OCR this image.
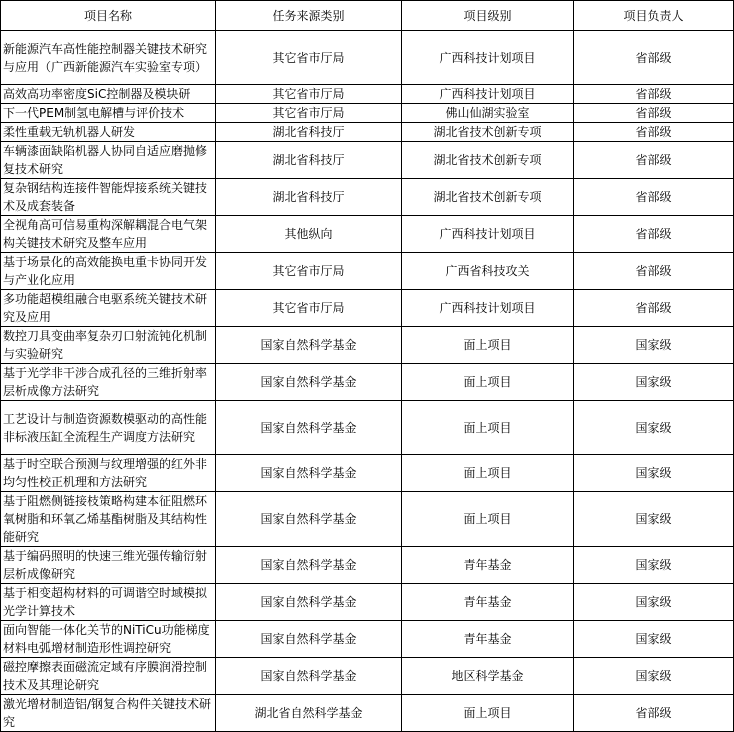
项目名称	任务来源类别	项目级别	项目负责人
新能源汽车高性能控制器关键技术研究与应用（广西新能源汽车实验室专项）	其它省市厅局	广西科技计划项目	省部级
高效高功率密度SiC控制器及模块研	其它省市厅局	广西科技计划项目	省部级
下一代PEM制氢电解槽与评价技术	其它省市厅局	佛山仙湖实验室	省部级
柔性重载无轨机器人研发	湖北省科技厅	湖北省技术创新专项	省部级
车辆漆面缺陷机器人协同自适应磨抛修复技术研究	湖北省科技厅	湖北省技术创新专项	省部级
复杂钢结构连接件智能焊接系统关键技术及成套装备	湖北省科技厅	湖北省技术创新专项	省部级
全视角高可信易重构深解耦混合电气架构关键技术研究及整车应用	其他纵向	广西科技计划项目	省部级
基于场景化的高效能换电重卡协同开发与产业化应用	其它省市厅局	广西省科技攻关	省部级
多功能超模组融合电驱系统关键技术研究及应用	其它省市厅局	广西科技计划项目	省部级
数控刀具变曲率复杂刃口射流钝化机制与实验研究	国家自然科学基金	面上项目	国家级
基于光学非干涉合成孔径的三维折射率层析成像方法研究	国家自然科学基金	面上项目	国家级
工艺设计与制造资源数模驱动的高性能非标液压缸全流程生产调度方法研究	国家自然科学基金	面上项目	国家级
基于时空联合预测与纹理增强的红外非均匀性校正机理和方法研究	国家自然科学基金	面上项目	国家级
基于阻燃侧链接枝策略构建本征阻燃环氧树脂和环氧乙烯基酯树脂及其结构性能研究	国家自然科学基金	面上项目	国家级
基于编码照明的快速三维光强传输衍射层析成像研究	国家自然科学基金	青年基金	国家级
基于相变超构材料的可调谐空时域模拟光学计算技术	国家自然科学基金	青年基金	国家级
面向智能一体化关节的NiTiCu功能梯度材料电弧增材制造形性调控研究	国家自然科学基金	青年基金	国家级
磁控摩擦表面磁流定域有序膜润滑控制技术及其理论研究	国家自然科学基金	地区科学基金	国家级
激光增材制造铝/钢复合构件关键技术研究	湖北省自然科学基金	面上项目	省部级
